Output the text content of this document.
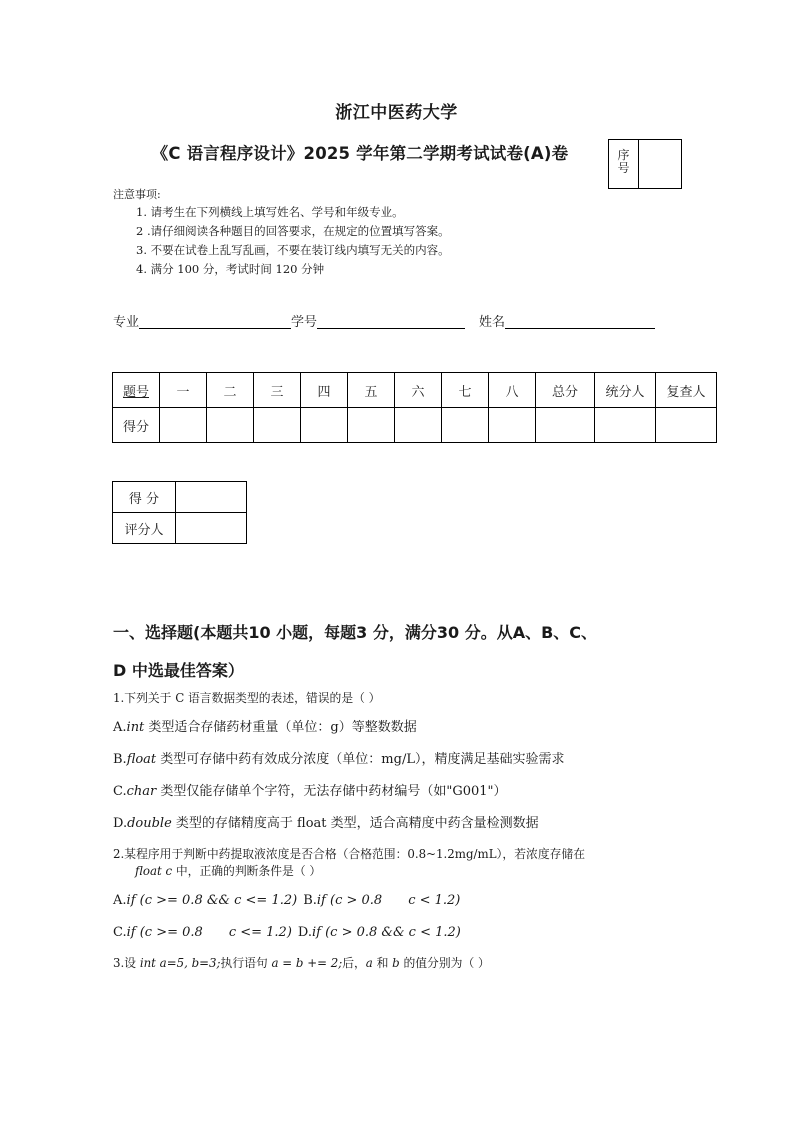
浙江中医药大学
《C 语言程序设计》2025 学年第二学期考试试卷(A)卷	序
号
注意事项:
1. 请考生在下列横线上填写姓名、学号和年级专业。
2 .请仔细阅读各种题目的回答要求，在规定的位置填写答案。
3. 不要在试卷上乱写乱画，不要在装订线内填写无关的内容。
4. 满分 100 分，考试时间 120 分钟
专业	学号	姓名
题号	一	二	三	四	五	六	七	八	总分	统分人	复查人
得分											
得 分	
评分人	
一、选择题(本题共10 小题，每题3 分，满分30 分。从A、B、C、
D 中选最佳答案）

1.下列关于 C 语言数据类型的表述，错误的是（ ）

A.int 类型适合存储药材重量（单位：g）等整数数据

B.float 类型可存储中药有效成分浓度（单位：mg/L），精度满足基础实验需求

C.char 类型仅能存储单个字符，无法存储中药材编号（如"G001"）

D.double 类型的存储精度高于 float 类型，适合高精度中药含量检测数据

2.某程序用于判断中药提取液浓度是否合格（合格范围：0.8~1.2mg/mL），若浓度存储在
float c 中，正确的判断条件是（ ）

A.if (c >= 0.8 && c <= 1.2) B.if (c > 0.8 c < 1.2)

C.if (c >= 0.8 c <= 1.2) D.if (c > 0.8 && c < 1.2)

3.设 int a=5, b=3;执行语句 a = b += 2;后，a 和 b 的值分别为（ ）
